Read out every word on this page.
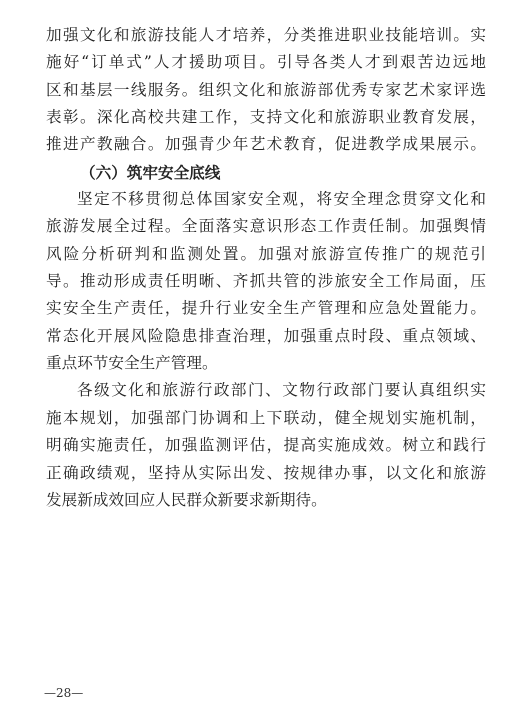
加强文化和旅游技能人才培养，分类推进职业技能培训。实
施好“订单式”人才援助项目。引导各类人才到艰苦边远地
区和基层一线服务。组织文化和旅游部优秀专家艺术家评选
表彰。深化高校共建工作，支持文化和旅游职业教育发展，
推进产教融合。加强青少年艺术教育，促进教学成果展示。
（六）筑牢安全底线
坚定不移贯彻总体国家安全观，将安全理念贯穿文化和
旅游发展全过程。全面落实意识形态工作责任制。加强舆情
风险分析研判和监测处置。加强对旅游宣传推广的规范引
导。推动形成责任明晰、齐抓共管的涉旅安全工作局面，压
实安全生产责任，提升行业安全生产管理和应急处置能力。
常态化开展风险隐患排查治理，加强重点时段、重点领域、
重点环节安全生产管理。
各级文化和旅游行政部门、文物行政部门要认真组织实
施本规划，加强部门协调和上下联动，健全规划实施机制，
明确实施责任，加强监测评估，提高实施成效。树立和践行
正确政绩观，坚持从实际出发、按规律办事，以文化和旅游
发展新成效回应人民群众新要求新期待。
—28—
